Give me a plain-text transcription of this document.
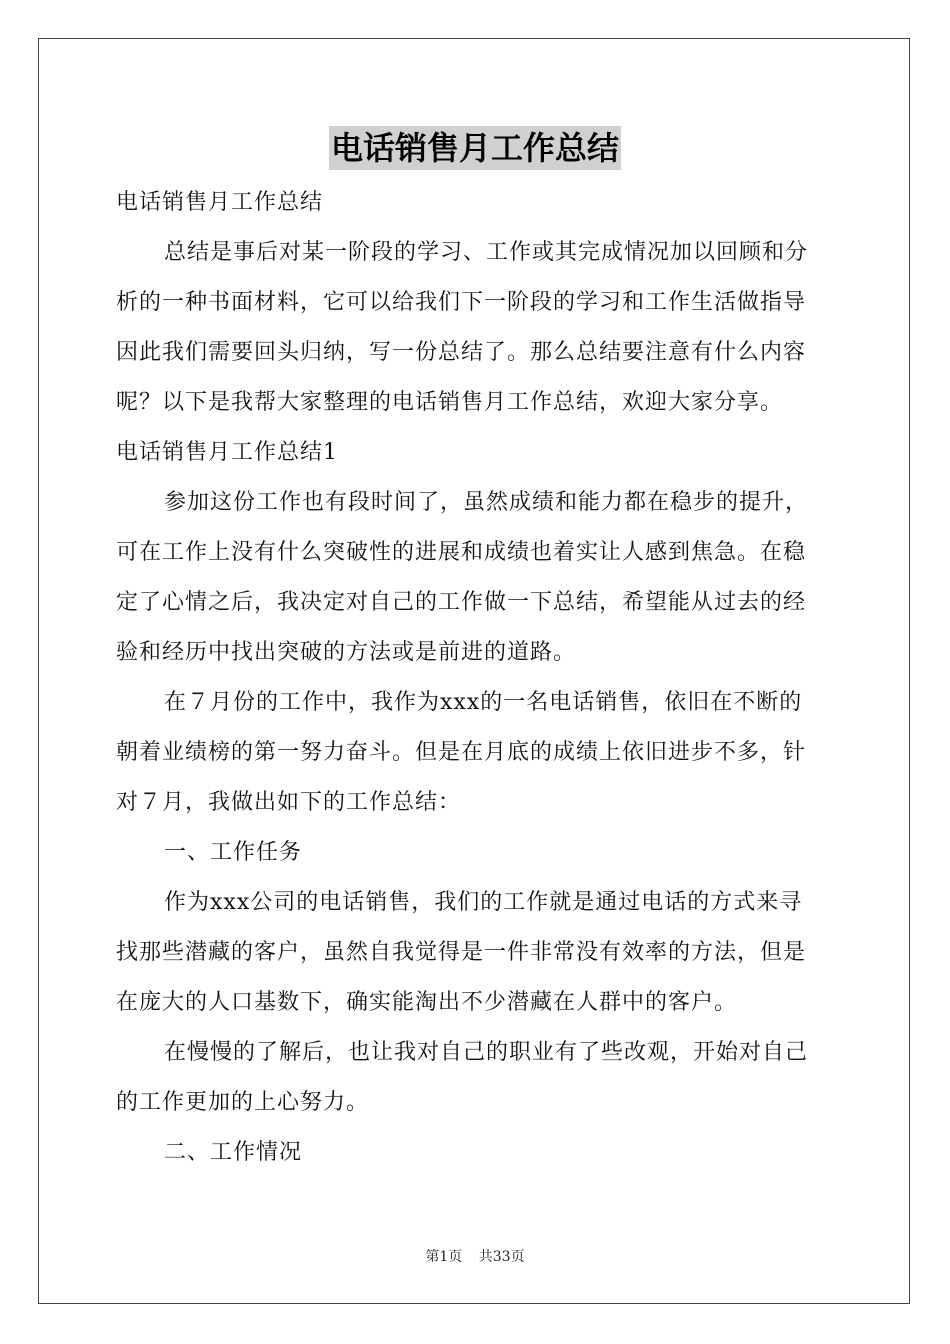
电话销售月工作总结

电话销售月工作总结

总结是事后对某一阶段的学习、工作或其完成情况加以回顾和分

析的一种书面材料，它可以给我们下一阶段的学习和工作生活做指导

因此我们需要回头归纳，写一份总结了。那么总结要注意有什么内容

呢？以下是我帮大家整理的电话销售月工作总结，欢迎大家分享。

电话销售月工作总结1

参加这份工作也有段时间了，虽然成绩和能力都在稳步的提升，

可在工作上没有什么突破性的进展和成绩也着实让人感到焦急。在稳

定了心情之后，我决定对自己的工作做一下总结，希望能从过去的经

验和经历中找出突破的方法或是前进的道路。

在７月份的工作中，我作为xxx的一名电话销售，依旧在不断的

朝着业绩榜的第一努力奋斗。但是在月底的成绩上依旧进步不多，针

对７月，我做出如下的工作总结：

一、工作任务

作为xxx公司的电话销售，我们的工作就是通过电话的方式来寻

找那些潜藏的客户，虽然自我觉得是一件非常没有效率的方法，但是

在庞大的人口基数下，确实能淘出不少潜藏在人群中的客户。

在慢慢的了解后，也让我对自己的职业有了些改观，开始对自己

的工作更加的上心努力。

二、工作情况

第1页 共33页
